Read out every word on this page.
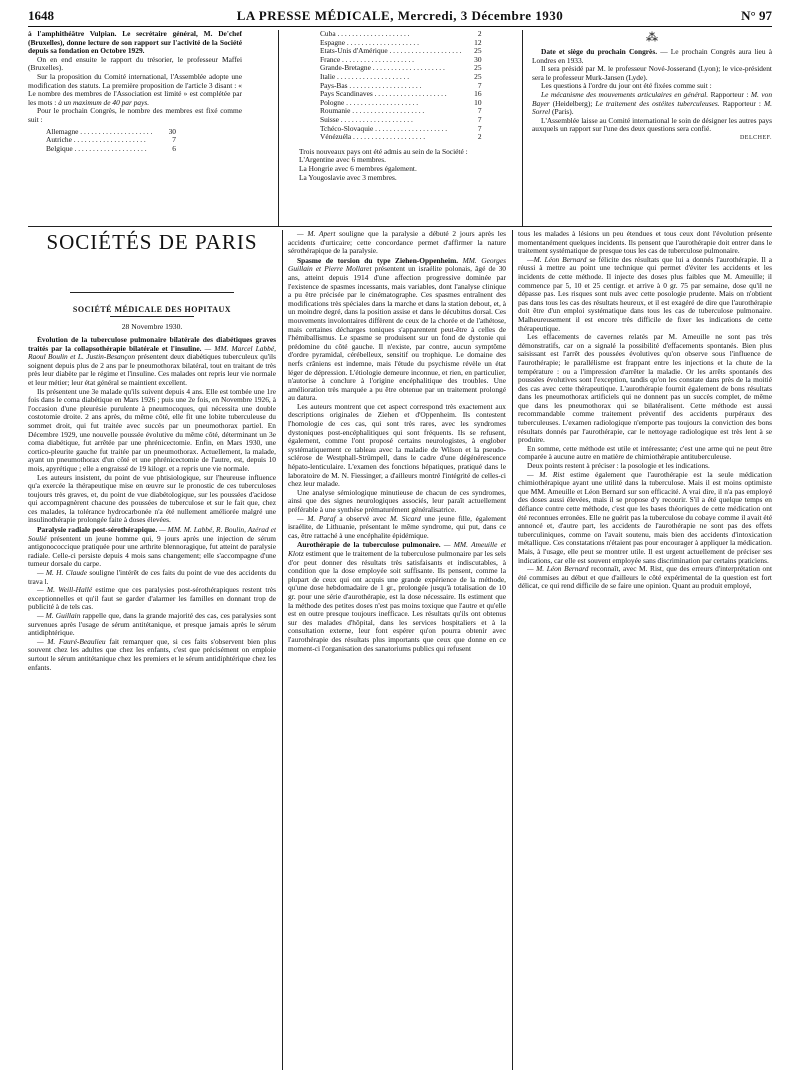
1648	LA PRESSE MÉDICALE, Mercredi, 3 Décembre 1930	N° 97

à l'amphithéâtre Vulpian. Le secrétaire général, M. De'chef (Bruxelles), donne lecture de son rapport sur l'activité de la Société depuis sa fondation en Octobre 1929.

On en end ensuite le rapport du trésorier, le professeur Maffei (Bruxelles).

Sur la proposition du Comité international, l'Assemblée adopte une modification des statuts. La première proposition de l'article 3 disant : « Le nombre des membres de l'Association est limité » est complétée par les mots : à un maximum de 40 par pays.

Pour le prochain Congrès, le nombre des membres est fixé comme suit :

Allemagne . . . . . . . . . . . . . . . . . . . .	30
Autriche . . . . . . . . . . . . . . . . . . . .	7
Belgique . . . . . . . . . . . . . . . . . . . .	6
Cuba . . . . . . . . . . . . . . . . . . . .	2
Espagne . . . . . . . . . . . . . . . . . . . .	12
Etats-Unis d'Amérique . . . . . . . . . . . . . . . . . . . .	25
France . . . . . . . . . . . . . . . . . . . .	30
Grande-Bretagne . . . . . . . . . . . . . . . . . . . .	25
Italie . . . . . . . . . . . . . . . . . . . .	25
Pays-Bas . . . . . . . . . . . . . . . . . . . .	7
Pays Scandinaves . . . . . . . . . . . . . . . . . . . .	16
Pologne . . . . . . . . . . . . . . . . . . . .	10
Roumanie . . . . . . . . . . . . . . . . . . . .	7
Suisse . . . . . . . . . . . . . . . . . . . .	7
Tchéco-Slovaquie . . . . . . . . . . . . . . . . . . . .	7
Vénézuéla . . . . . . . . . . . . . . . . . . . .	2

Trois nouveaux pays ont été admis au sein de la Société :

L'Argentine avec 6 membres.

La Hongrie avec 6 membres également.

La Yougoslavie avec 3 membres.

⁂

Date et siège du prochain Congrès. — Le prochain Congrès aura lieu à Londres en 1933.

Il sera présidé par M. le professeur Nové-Josserand (Lyon); le vice-président sera le professeur Murk-Jansen (Lyde).

Les questions à l'ordre du jour ont été fixées comme suit :

Le mécanisme des mouvements articulaires en général. Rapporteur : M. von Bayer (Heidelberg); Le traitement des ostéites tuberculeuses. Rapporteur : M. Sorrel (Paris).

L'Assemblée laisse au Comité international le soin de désigner les autres pays auxquels un rapport sur l'une des deux questions sera confié.

DELCHEF.
SOCIÉTÉS DE PARIS
SOCIÉTÉ MÉDICALE DES HOPITAUX
28 Novembre 1930.

Évolution de la tuberculose pulmonaire bilatérale des diabétiques graves traités par la collapsothérapie bilatérale et l'insuline. — MM. Marcel Labbé, Raoul Boulin et L. Justin-Besançon présentent deux diabétiques tuberculeux qu'ils soignent depuis plus de 2 ans par le pneumothorax bilatéral, tout en traitant de très près leur diabète par le régime et l'insuline. Ces malades ont repris leur vie normale et leur métier; leur état général se maintient excellent.

Ils présentent une 3e malade qu'ils suivent depuis 4 ans. Elle est tombée une 1re fois dans le coma diabétique en Mars 1926 ; puis une 2e fois, en Novembre 1926, à l'occasion d'une pleurésie purulente à pneumocoques, qui nécessita une double costotomie droite. 2 ans après, du même côté, elle fit une lobite tuberculeuse du sommet droit, qui fut traitée avec succès par un pneumothorax partiel. En Décembre 1929, une nouvelle poussée évolutive du même côté, déterminant un 3e coma diabétique, fut arrêtée par une phrénicectomie. Enfin, en Mars 1930, une cortico-pleurite gauche fut traitée par un pneumothorax. Actuellement, la malade, ayant un pneumothorax d'un côté et une phrénicectomie de l'autre, est, depuis 10 mois, apyrétique ; elle a engraissé de 19 kilogr. et a repris une vie normale.

Les auteurs insistent, du point de vue phtisiologique, sur l'heureuse influence qu'a exercée la thérapeutique mise en œuvre sur le pronostic de ces tuberculoses toujours très graves, et, du point de vue diabétologique, sur les poussées d'acidose qui accompagnèrent chacune des poussées de tuberculose et sur le fait que, chez ces malades, la tolérance hydrocarbonée n'a été nullement améliorée malgré une insulinothérapie prolongée faite à doses élevées.

Paralysie radiale post-sérothérapique. — MM. M. Labbé, R. Boulin, Azérad et Soulié présentent un jeune homme qui, 9 jours après une injection de sérum antigonococcique pratiquée pour une arthrite blennoragique, fut atteint de paralysie radiale. Celle-ci persiste depuis 4 mois sans changement; elle s'accompagne d'une tumeur dorsale du carpe.

— M. H. Claude souligne l'intérêt de ces faits du point de vue des accidents du trava l.

— M. Weill-Hallé estime que ces paralysies post-sérothérapiques restent très exceptionnelles et qu'il faut se garder d'alarmer les familles en donnant trop de publicité à de tels cas.

— M. Guillain rappelle que, dans la grande majorité des cas, ces paralysies sont survenues après l'usage de sérum antitétanique, et presque jamais après le sérum antidiphtérique.

— M. Fauré-Beaulieu fait remarquer que, si ces faits s'observent bien plus souvent chez les adultes que chez les enfants, c'est que précisément on emploie surtout le sérum antitétanique chez les premiers et le sérum antidiphtérique chez les enfants.

— M. Apert souligne que la paralysie a débuté 2 jours après les accidents d'urticaire; cette concordance permet d'affirmer la nature sérothérapique de la paralysie.

Spasme de torsion du type Ziehen-Oppenheim. MM. Georges Guillain et Pierre Mollaret présentent un israélite polonais, âgé de 30 ans, atteint depuis 1914 d'une affection progressive dominée par l'existence de spasmes incessants, mais variables, dont l'analyse clinique a pu être précisée par le cinématographe. Ces spasmes entraînent des modifications très spéciales dans la marche et dans la station debout, et, à un moindre degré, dans la position assise et dans le décubitus dorsal. Ces mouvements involontaires diffèrent de ceux de la chorée et de l'athétose, mais certaines décharges toniques s'apparentent peut-être à celles de l'hémiballismus. Le spasme se produisent sur un fond de dystonie qui prédomine du côté gauche. Il n'existe, par contre, aucun symptôme d'ordre pyramidal, cérébelleux, sensitif ou trophique. Le domaine des nerfs crâniens est indemne, mais l'étude du psychisme révèle un état léger de dépression. L'étiologie demeure inconnue, et rien, en particulier, n'autorise à conclure à l'origine encéphalitique des troubles. Une amélioration très marquée a pu être obtenue par un traitement prolongé au datura.

Les auteurs montrent que cet aspect correspond très exactement aux descriptions originales de Ziehen et d'Oppenheim. Ils contestent l'homologie de ces cas, qui sont très rares, avec les syndromes dystoniques post-encéphalitiques qui sont fréquents. Ils se refusent, également, comme l'ont proposé certains neurologistes, à englober systématiquement ce tableau avec la maladie de Wilson et la pseudo-sclérose de Westphall-Strümpell, dans le cadre d'une dégénérescence hépato-lenticulaire. L'examen des fonctions hépatiques, pratiqué dans le laboratoire de M. N. Fiessinger, a d'ailleurs montré l'intégrité de celles-ci chez leur malade.

Une analyse sémiologique minutieuse de chacun de ces syndromes, ainsi que des signes neurologiques associés, leur paraît actuellement préférable à une synthèse prématurément généralisatrice.

— M. Paraf a observé avec M. Sicard une jeune fille, également israélite, de Lithuanie, présentant le même syndrome, qui put, dans ce cas, être rattaché à une encéphalite épidémique.

Aurothérapie de la tuberculose pulmonaire. — MM. Ameuille et Klotz estiment que le traitement de la tuberculose pulmonaire par les sels d'or peut donner des résultats très satisfaisants et indiscutables, à condition que la dose employée soit suffisante. Ils pensent, comme la plupart de ceux qui ont acquis une grande expérience de la méthode, qu'une dose hebdomadaire de 1 gr., prolongée jusqu'à totalisation de 10 gr. pour une série d'aurothérapie, est la dose nécessaire. Ils estiment que la méthode des petites doses n'est pas moins toxique que l'autre et qu'elle est en outre presque toujours inefficace. Les résultats qu'ils ont obtenus sur des malades d'hôpital, dans les services hospitaliers et à la consultation externe, leur font espérer qu'on pourra obtenir avec l'aurothérapie des résultats plus importants que ceux que donne en ce moment-ci l'organisation des sanatoriums publics qui refusent

tous les malades à lésions un peu étendues et tous ceux dont l'évolution présente momentanément quelques incidents. Ils pensent que l'aurothérapie doit entrer dans le traitement systématique de presque tous les cas de tuberculose pulmonaire.

—M. Léon Bernard se félicite des résultats que lui a donnés l'aurothérapie. Il a réussi à mettre au point une technique qui permet d'éviter les accidents et les incidents de cette méthode. Il injecte des doses plus faibles que M. Ameuille; il commence par 5, 10 et 25 centigr. et arrive à 0 gr. 75 par semaine, dose qu'il ne dépasse pas. Les risques sont nuls avec cette posologie prudente. Mais on n'obtient pas dans tous les cas des résultats heureux, et il est exagéré de dire que l'aurothérapie doit être d'un emploi systématique dans tous les cas de tuberculose pulmonaire. Malheureusement il est encore très difficile de fixer les indications de cette thérapeutique.

Les effacements de cavernes relatés par M. Ameuille ne sont pas très démonstratifs, car on a signalé la possibilité d'effacements spontanés. Bien plus saisissant est l'arrêt des poussées évolutives qu'on observe sous l'influence de l'aurothérapie; le parallélisme est frappant entre les injections et la chute de la température : ou a l'impression d'arrêter la maladie. Or les arrêts spontanés des poussées évolutives sont l'exception, tandis qu'on les constate dans près de la moitié des cas avec cette thérapeutique. L'aurothérapie fournit également de bons résultats dans les pneumothorax artificiels qui ne donnent pas un succès complet, de même que dans les pneumothorax qui se bilatéralisent. Cette méthode est aussi recommandable comme traitement préventif des accidents purpéraux des tuberculeuses. L'examen radiologique n'emporte pas toujours la conviction des bons résultats donnés par l'aurothérapie, car le nettoyage radiologique est très lent à se produire.

En somme, cette méthode est utile et intéressante; c'est une arme qui ne peut être comparée à aucune autre en matière de chimiothérapie antituberculeuse.

Deux points restent à préciser : la posologie et les indications.

— M. Rist estime également que l'aurothérapie est la seule médication chimiothérapique ayant une utilité dans la tuberculose. Mais il est moins optimiste que MM. Ameuille et Léon Bernard sur son efficacité. A vrai dire, il n'a pas employé des doses aussi élevées, mais il se propose d'y recourir. S'il a été quelque temps en défiance contre cette méthode, c'est que les bases théoriques de cette médication ont été reconnues erronées. Elle ne guérit pas la tuberculose du cobaye comme il avait été annoncé et, d'autre part, les accidents de l'aurothérapie ne sont pas des effets tuberculiniques, comme on l'avait soutenu, mais bien des accidents d'intoxication métallique. Ces constatations n'étaient pas pour encourager à appliquer la médication. Mais, à l'usage, elle peut se montrer utile. Il est urgent actuellement de préciser ses indications, car elle est souvent employée sans discrimination par certains praticiens.

— M. Léon Bernard reconnaît, avec M. Rist, que des erreurs d'interprétation ont été commises au début et que d'ailleurs le côté expérimental de la question est fort délicat, ce qui rend difficile de se faire une opinion. Quant au produit employé,
